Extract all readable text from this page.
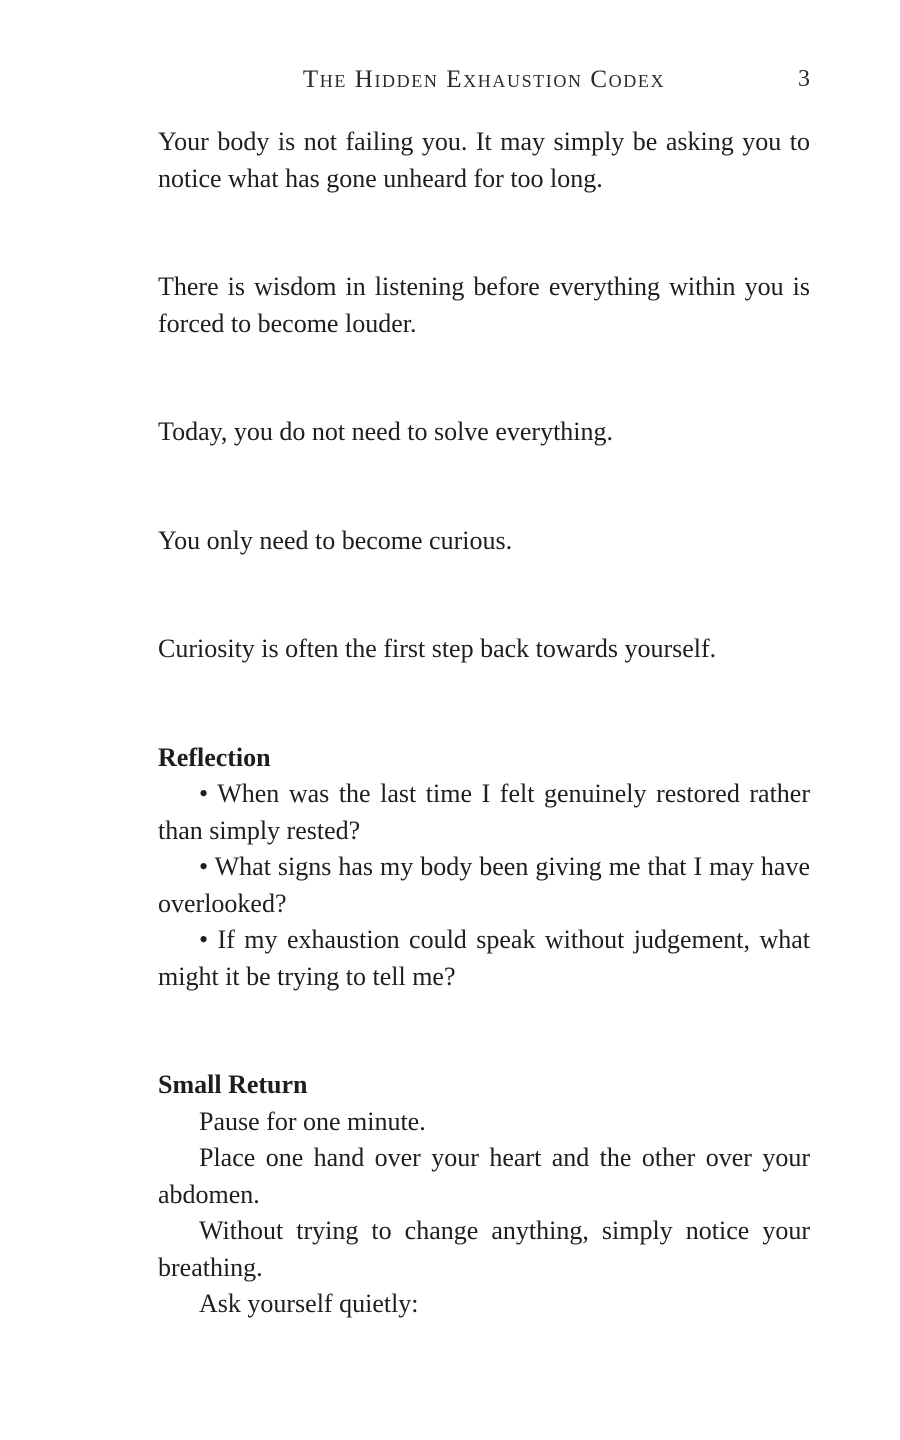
The Hidden Exhaustion Codex	3

Your body is not failing you. It may simply be asking you to notice what has gone unheard for too long.

There is wisdom in listening before everything within you is forced to become louder.

Today, you do not need to solve everything.

You only need to become curious.

Curiosity is often the first step back towards yourself.

Reflection

• When was the last time I felt genuinely restored rather than simply rested?

• What signs has my body been giving me that I may have overlooked?

• If my exhaustion could speak without judgement, what might it be trying to tell me?

Small Return

Pause for one minute.

Place one hand over your heart and the other over your abdomen.

Without trying to change anything, simply notice your breathing.

Ask yourself quietly:
